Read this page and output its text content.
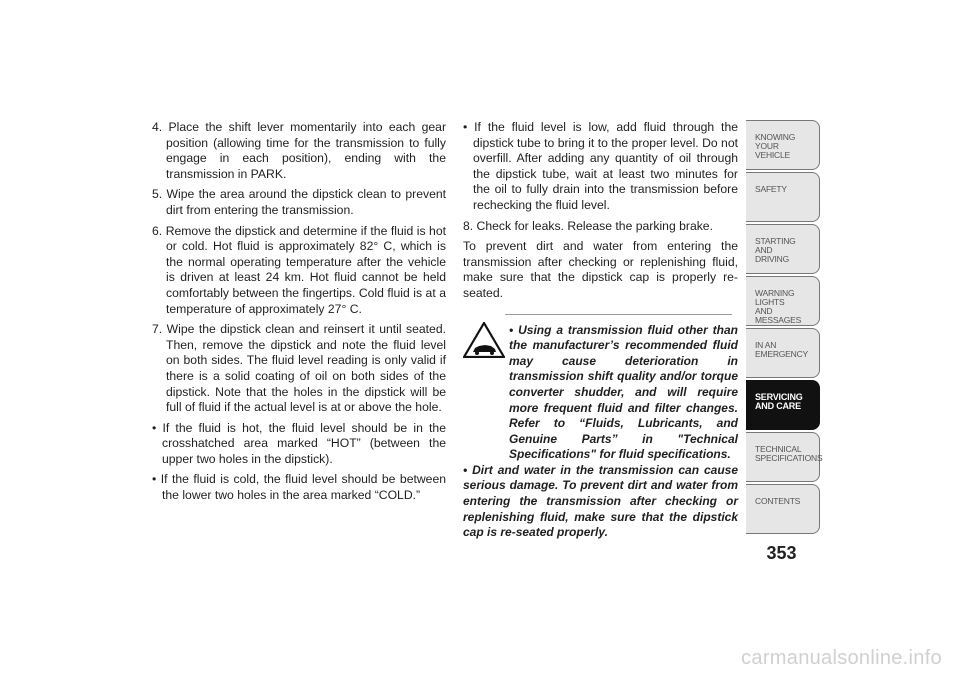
4. Place the shift lever momentarily into each gear position (allowing time for the transmission to fully engage in each position), ending with the transmission in PARK.

5. Wipe the area around the dipstick clean to prevent dirt from entering the transmission.

6. Remove the dipstick and determine if the fluid is hot or cold. Hot fluid is approximately 82° C, which is the normal operating temperature after the vehicle is driven at least 24 km. Hot fluid cannot be held comfortably between the fingertips. Cold fluid is at a temperature of approximately 27° C.

7. Wipe the dipstick clean and reinsert it until seated. Then, remove the dipstick and note the fluid level on both sides. The fluid level reading is only valid if there is a solid coating of oil on both sides of the dipstick. Note that the holes in the dipstick will be full of fluid if the actual level is at or above the hole.

• If the fluid is hot, the fluid level should be in the crosshatched area marked “HOT” (between the upper two holes in the dipstick).

• If the fluid is cold, the fluid level should be between the lower two holes in the area marked “COLD.”

• If the fluid level is low, add fluid through the dipstick tube to bring it to the proper level. Do not overfill. After adding any quantity of oil through the dipstick tube, wait at least two minutes for the oil to fully drain into the transmission before rechecking the fluid level.

8. Check for leaks. Release the parking brake.

To prevent dirt and water from entering the transmission after checking or replenishing fluid, make sure that the dipstick cap is properly re-seated.

• Using a transmission fluid other than the manufacturer’s recommended fluid may cause deterioration in transmission shift quality and/or torque converter shudder, and will require more frequent fluid and filter changes. Refer to “Fluids, Lubricants, and Genuine Parts” in "Technical Specifications" for fluid specifications.

• Dirt and water in the transmission can cause serious damage. To prevent dirt and water from entering the transmission after checking or replenishing fluid, make sure that the dipstick cap is re-seated properly.

KNOWING
YOUR
VEHICLE
SAFETY
STARTING
AND
DRIVING
WARNING
LIGHTS
AND
MESSAGES
IN AN
EMERGENCY
SERVICING
AND CARE
TECHNICAL
SPECIFICATIONS
CONTENTS
353
carmanualsonline.info
